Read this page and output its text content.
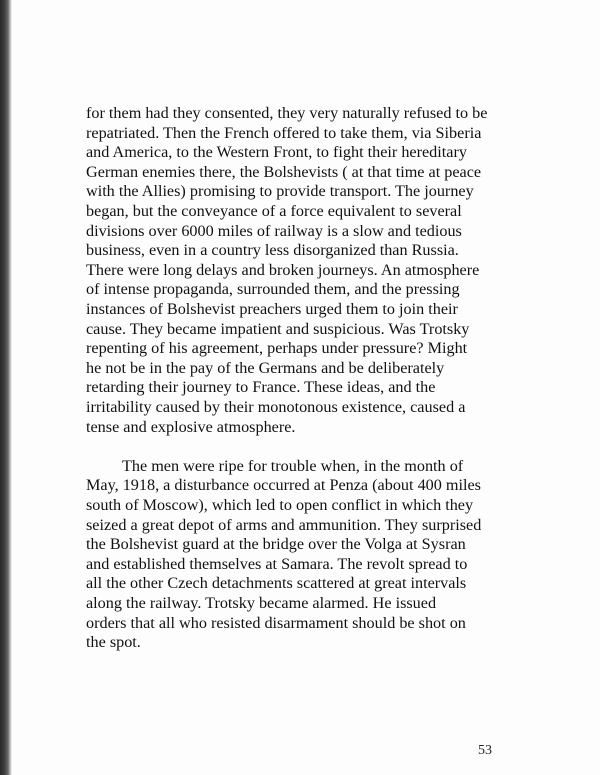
for them had they consented, they very naturally refused to be
repatriated. Then the French offered to take them, via Siberia
and America, to the Western Front, to fight their hereditary
German enemies there, the Bolshevists ( at that time at peace
with the Allies) promising to provide transport. The journey
began, but the conveyance of a force equivalent to several
divisions over 6000 miles of railway is a slow and tedious
business, even in a country less disorganized than Russia.
There were long delays and broken journeys. An atmosphere
of intense propaganda, surrounded them, and the pressing
instances of Bolshevist preachers urged them to join their
cause. They became impatient and suspicious. Was Trotsky
repenting of his agreement, perhaps under pressure? Might
he not be in the pay of the Germans and be deliberately
retarding their journey to France. These ideas, and the
irritability caused by their monotonous existence, caused a
tense and explosive atmosphere.

The men were ripe for trouble when, in the month of
May, 1918, a disturbance occurred at Penza (about 400 miles
south of Moscow), which led to open conflict in which they
seized a great depot of arms and ammunition. They surprised
the Bolshevist guard at the bridge over the Volga at Sysran
and established themselves at Samara. The revolt spread to
all the other Czech detachments scattered at great intervals
along the railway. Trotsky became alarmed. He issued
orders that all who resisted disarmament should be shot on
the spot.

53
